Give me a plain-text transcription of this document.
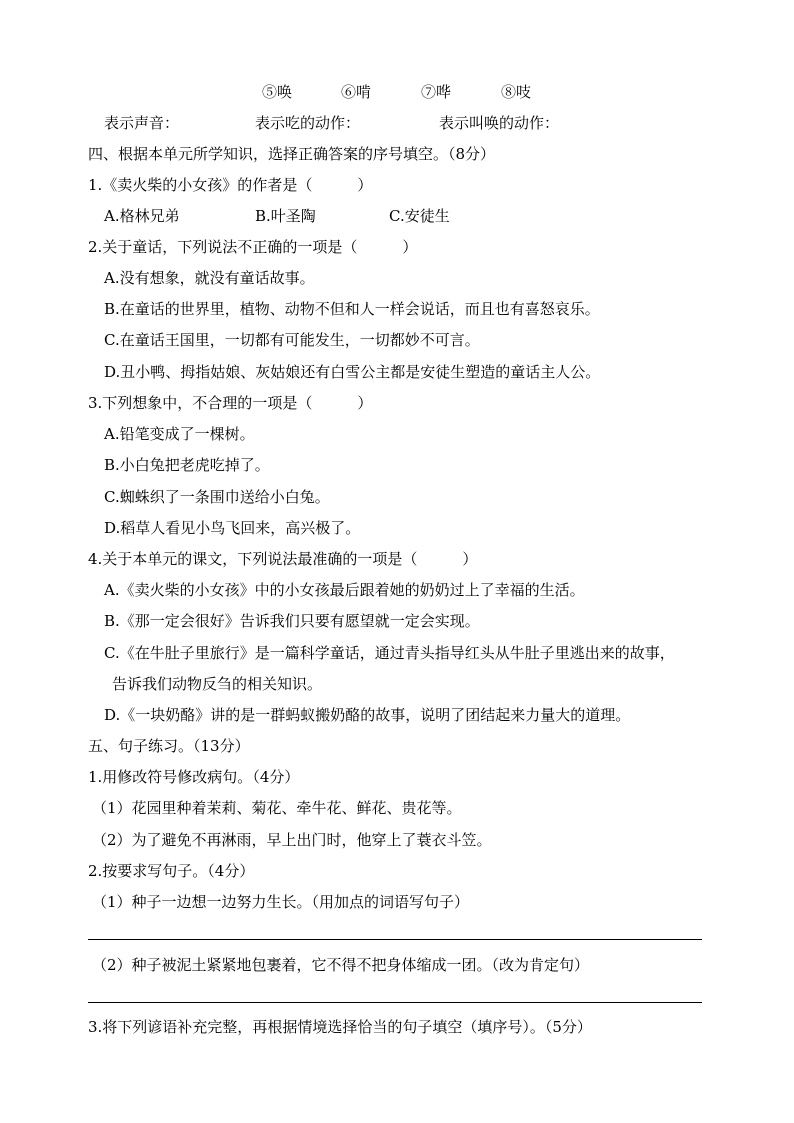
⑤唤	⑥啃	⑦哗	⑧吱
表示声音：	表示吃的动作：	表示叫唤的动作：
四、根据本单元所学知识，选择正确答案的序号填空。（8分）
1.《卖火柴的小女孩》的作者是（　　　）
A.格林兄弟	B.叶圣陶	C.安徒生
2.关于童话，下列说法不正确的一项是（　　　）
A.没有想象，就没有童话故事。
B.在童话的世界里，植物、动物不但和人一样会说话，而且也有喜怒哀乐。
C.在童话王国里，一切都有可能发生，一切都妙不可言。
D.丑小鸭、拇指姑娘、灰姑娘还有白雪公主都是安徒生塑造的童话主人公。
3.下列想象中，不合理的一项是（　　　）
A.铅笔变成了一棵树。
B.小白兔把老虎吃掉了。
C.蜘蛛织了一条围巾送给小白兔。
D.稻草人看见小鸟飞回来，高兴极了。
4.关于本单元的课文，下列说法最准确的一项是（　　　）
A.《卖火柴的小女孩》中的小女孩最后跟着她的奶奶过上了幸福的生活。
B.《那一定会很好》告诉我们只要有愿望就一定会实现。
C.《在牛肚子里旅行》是一篇科学童话，通过青头指导红头从牛肚子里逃出来的故事，
告诉我们动物反刍的相关知识。
D.《一块奶酪》讲的是一群蚂蚁搬奶酪的故事，说明了团结起来力量大的道理。
五、句子练习。（13分）
1.用修改符号修改病句。（4分）
（1）花园里种着茉莉、菊花、牵牛花、鲜花、贵花等。
（2）为了避免不再淋雨，早上出门时，他穿上了蓑衣斗笠。
2.按要求写句子。（4分）
（1）种子一边想一边努力生长。（用加点的词语写句子）
（2）种子被泥土紧紧地包裹着，它不得不把身体缩成一团。（改为肯定句）
3.将下列谚语补充完整，再根据情境选择恰当的句子填空（填序号）。（5分）
